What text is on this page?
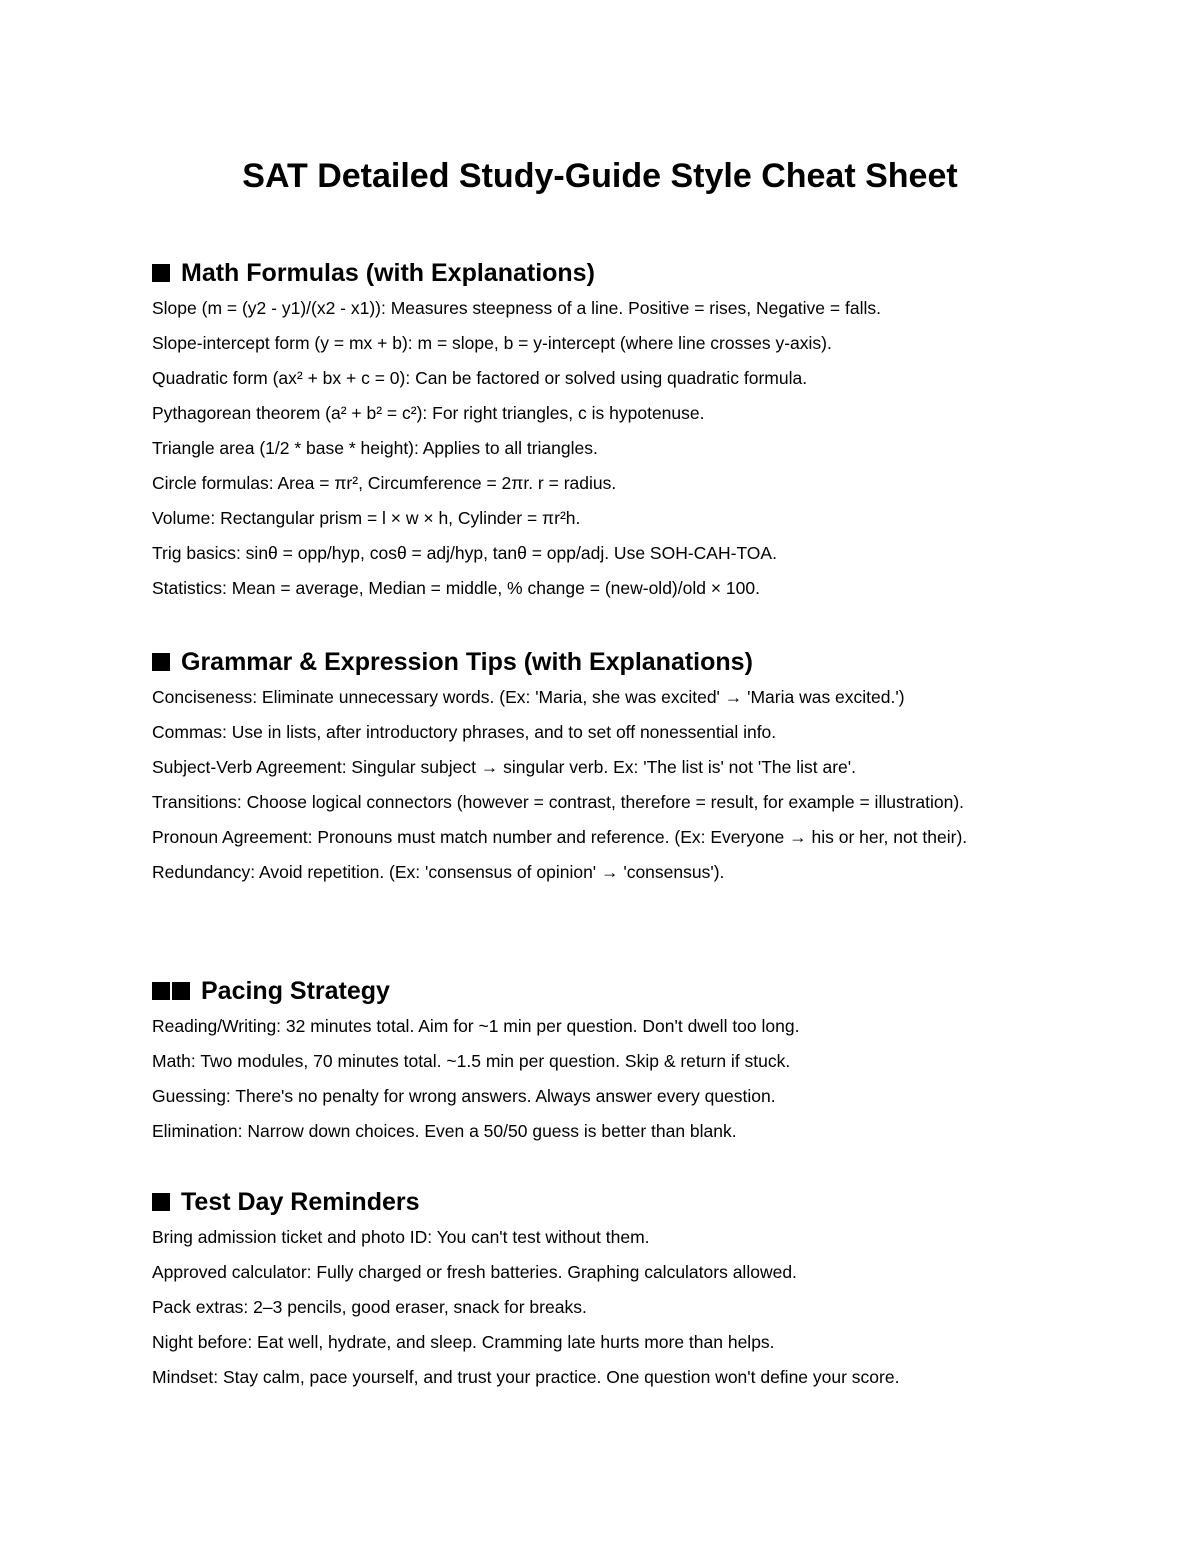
SAT Detailed Study-Guide Style Cheat Sheet
Math Formulas (with Explanations)

Slope (m = (y2 - y1)/(x2 - x1)): Measures steepness of a line. Positive = rises, Negative = falls.

Slope-intercept form (y = mx + b): m = slope, b = y-intercept (where line crosses y-axis).

Quadratic form (ax² + bx + c = 0): Can be factored or solved using quadratic formula.

Pythagorean theorem (a² + b² = c²): For right triangles, c is hypotenuse.

Triangle area (1/2 * base * height): Applies to all triangles.

Circle formulas: Area = πr², Circumference = 2πr. r = radius.

Volume: Rectangular prism = l × w × h, Cylinder = πr²h.

Trig basics: sinθ = opp/hyp, cosθ = adj/hyp, tanθ = opp/adj. Use SOH-CAH-TOA.

Statistics: Mean = average, Median = middle, % change = (new-old)/old × 100.

Grammar & Expression Tips (with Explanations)

Conciseness: Eliminate unnecessary words. (Ex: 'Maria, she was excited' → 'Maria was excited.')

Commas: Use in lists, after introductory phrases, and to set off nonessential info.

Subject-Verb Agreement: Singular subject → singular verb. Ex: 'The list is' not 'The list are'.

Transitions: Choose logical connectors (however = contrast, therefore = result, for example = illustration).

Pronoun Agreement: Pronouns must match number and reference. (Ex: Everyone → his or her, not their).

Redundancy: Avoid repetition. (Ex: 'consensus of opinion' → 'consensus').

Pacing Strategy

Reading/Writing: 32 minutes total. Aim for ~1 min per question. Don't dwell too long.

Math: Two modules, 70 minutes total. ~1.5 min per question. Skip & return if stuck.

Guessing: There's no penalty for wrong answers. Always answer every question.

Elimination: Narrow down choices. Even a 50/50 guess is better than blank.

Test Day Reminders

Bring admission ticket and photo ID: You can't test without them.

Approved calculator: Fully charged or fresh batteries. Graphing calculators allowed.

Pack extras: 2–3 pencils, good eraser, snack for breaks.

Night before: Eat well, hydrate, and sleep. Cramming late hurts more than helps.

Mindset: Stay calm, pace yourself, and trust your practice. One question won't define your score.
